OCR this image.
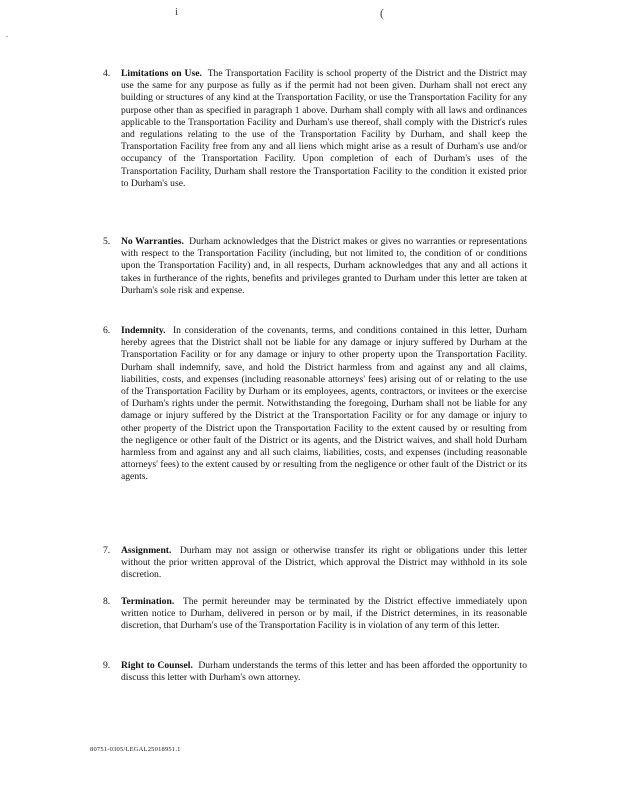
i	(
.
4.	Limitations on Use. The Transportation Facility is school property of the District and the District may use the same for any purpose as fully as if the permit had not been given. Durham shall not erect any building or structures of any kind at the Transportation Facility, or use the Transportation Facility for any purpose other than as specified in paragraph 1 above. Durham shall comply with all laws and ordinances applicable to the Transportation Facility and Durham's use thereof, shall comply with the District's rules and regulations relating to the use of the Transportation Facility by Durham, and shall keep the Transportation Facility free from any and all liens which might arise as a result of Durham's use and/or occupancy of the Transportation Facility. Upon completion of each of Durham's uses of the Transportation Facility, Durham shall restore the Transportation Facility to the condition it existed prior to Durham's use.
5.	No Warranties. Durham acknowledges that the District makes or gives no warranties or representations with respect to the Transportation Facility (including, but not limited to, the condition of or conditions upon the Transportation Facility) and, in all respects, Durham acknowledges that any and all actions it takes in furtherance of the rights, benefits and privileges granted to Durham under this letter are taken at Durham's sole risk and expense.
6.	Indemnity. In consideration of the covenants, terms, and conditions contained in this letter, Durham hereby agrees that the District shall not be liable for any damage or injury suffered by Durham at the Transportation Facility or for any damage or injury to other property upon the Transportation Facility. Durham shall indemnify, save, and hold the District harmless from and against any and all claims, liabilities, costs, and expenses (including reasonable attorneys' fees) arising out of or relating to the use of the Transportation Facility by Durham or its employees, agents, contractors, or invitees or the exercise of Durham's rights under the permit. Notwithstanding the foregoing, Durham shall not be liable for any damage or injury suffered by the District at the Transportation Facility or for any damage or injury to other property of the District upon the Transportation Facility to the extent caused by or resulting from the negligence or other fault of the District or its agents, and the District waives, and shall hold Durham harmless from and against any and all such claims, liabilities, costs, and expenses (including reasonable attorneys' fees) to the extent caused by or resulting from the negligence or other fault of the District or its agents.
7.	Assignment. Durham may not assign or otherwise transfer its right or obligations under this letter without the prior written approval of the District, which approval the District may withhold in its sole discretion.
8.	Termination. The permit hereunder may be terminated by the District effective immediately upon written notice to Durham, delivered in person or by mail, if the District determines, in its reasonable discretion, that Durham's use of the Transportation Facility is in violation of any term of this letter.
9.	Right to Counsel. Durham understands the terms of this letter and has been afforded the opportunity to discuss this letter with Durham's own attorney.
80751-0305/LEGAL25018951.1
